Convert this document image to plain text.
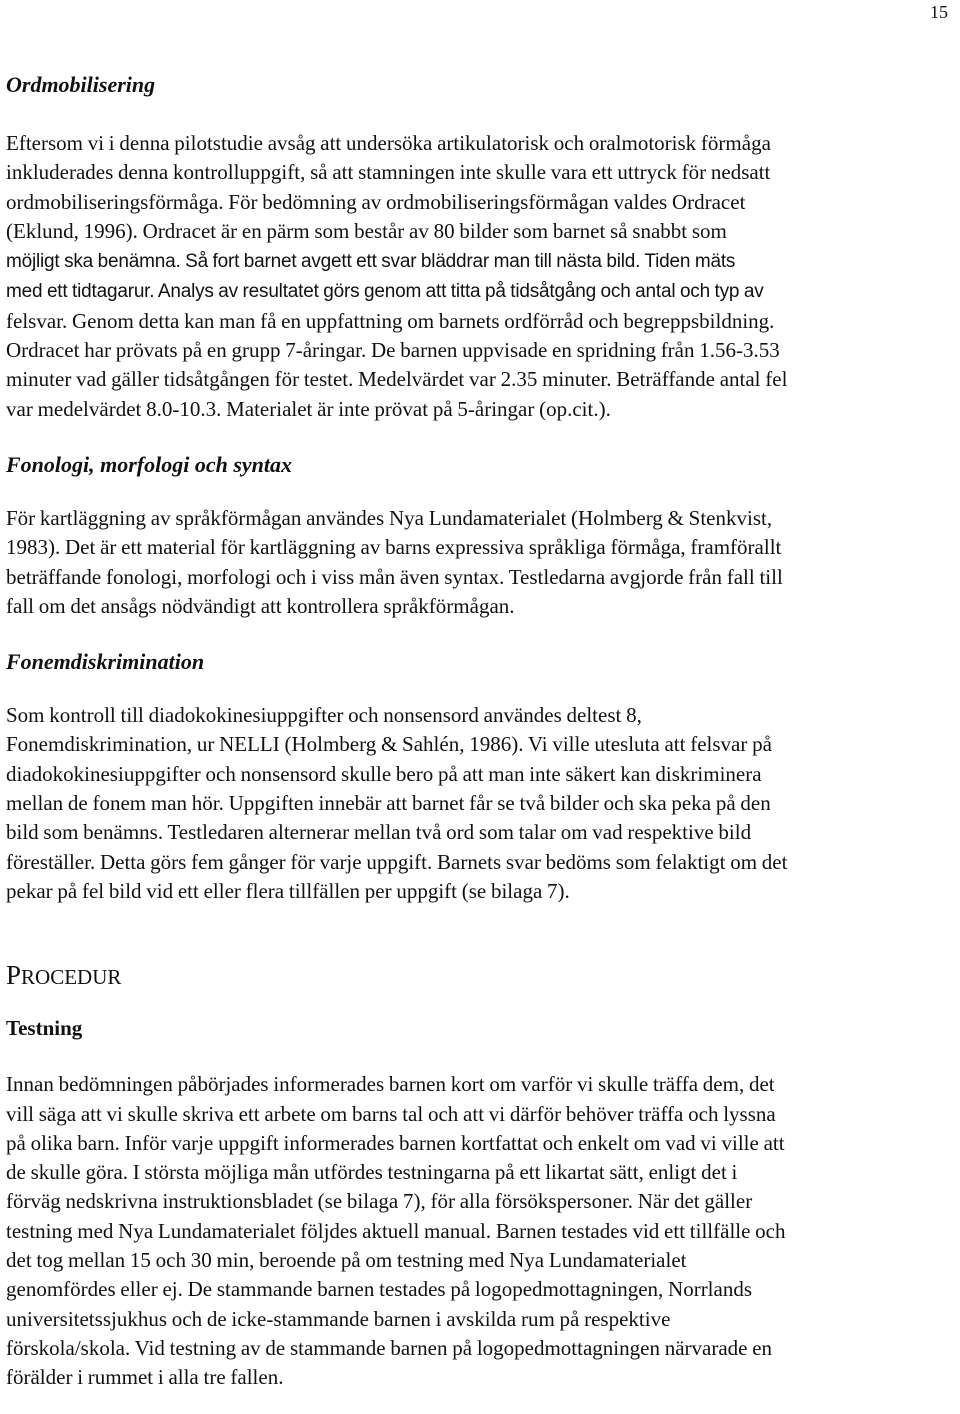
15
Ordmobilisering

Eftersom vi i denna pilotstudie avsåg att undersöka artikulatorisk och oralmotorisk förmåga
inkluderades denna kontrolluppgift, så att stamningen inte skulle vara ett uttryck för nedsatt
ordmobiliseringsförmåga. För bedömning av ordmobiliseringsförmågan valdes Ordracet
(Eklund, 1996). Ordracet är en pärm som består av 80 bilder som barnet så snabbt som
möjligt ska benämna. Så fort barnet avgett ett svar bläddrar man till nästa bild. Tiden mäts
med ett tidtagarur. Analys av resultatet görs genom att titta på tidsåtgång och antal och typ av
felsvar. Genom detta kan man få en uppfattning om barnets ordförråd och begreppsbildning.
Ordracet har prövats på en grupp 7-åringar. De barnen uppvisade en spridning från 1.56-3.53
minuter vad gäller tidsåtgången för testet. Medelvärdet var 2.35 minuter. Beträffande antal fel
var medelvärdet 8.0-10.3. Materialet är inte prövat på 5-åringar (op.cit.).

Fonologi, morfologi och syntax

För kartläggning av språkförmågan användes Nya Lundamaterialet (Holmberg & Stenkvist,
1983). Det är ett material för kartläggning av barns expressiva språkliga förmåga, framförallt
beträffande fonologi, morfologi och i viss mån även syntax. Testledarna avgjorde från fall till
fall om det ansågs nödvändigt att kontrollera språkförmågan.

Fonemdiskrimination

Som kontroll till diadokokinesiuppgifter och nonsensord användes deltest 8,
Fonemdiskrimination, ur NELLI (Holmberg & Sahlén, 1986). Vi ville utesluta att felsvar på
diadokokinesiuppgifter och nonsensord skulle bero på att man inte säkert kan diskriminera
mellan de fonem man hör. Uppgiften innebär att barnet får se två bilder och ska peka på den
bild som benämns. Testledaren alternerar mellan två ord som talar om vad respektive bild
föreställer. Detta görs fem gånger för varje uppgift. Barnets svar bedöms som felaktigt om det
pekar på fel bild vid ett eller flera tillfällen per uppgift (se bilaga 7).

PROCEDUR
Testning

Innan bedömningen påbörjades informerades barnen kort om varför vi skulle träffa dem, det
vill säga att vi skulle skriva ett arbete om barns tal och att vi därför behöver träffa och lyssna
på olika barn. Inför varje uppgift informerades barnen kortfattat och enkelt om vad vi ville att
de skulle göra. I största möjliga mån utfördes testningarna på ett likartat sätt, enligt det i
förväg nedskrivna instruktionsbladet (se bilaga 7), för alla försökspersoner. När det gäller
testning med Nya Lundamaterialet följdes aktuell manual. Barnen testades vid ett tillfälle och
det tog mellan 15 och 30 min, beroende på om testning med Nya Lundamaterialet
genomfördes eller ej. De stammande barnen testades på logopedmottagningen, Norrlands
universitetssjukhus och de icke-stammande barnen i avskilda rum på respektive
förskola/skola. Vid testning av de stammande barnen på logopedmottagningen närvarade en
förälder i rummet i alla tre fallen.
